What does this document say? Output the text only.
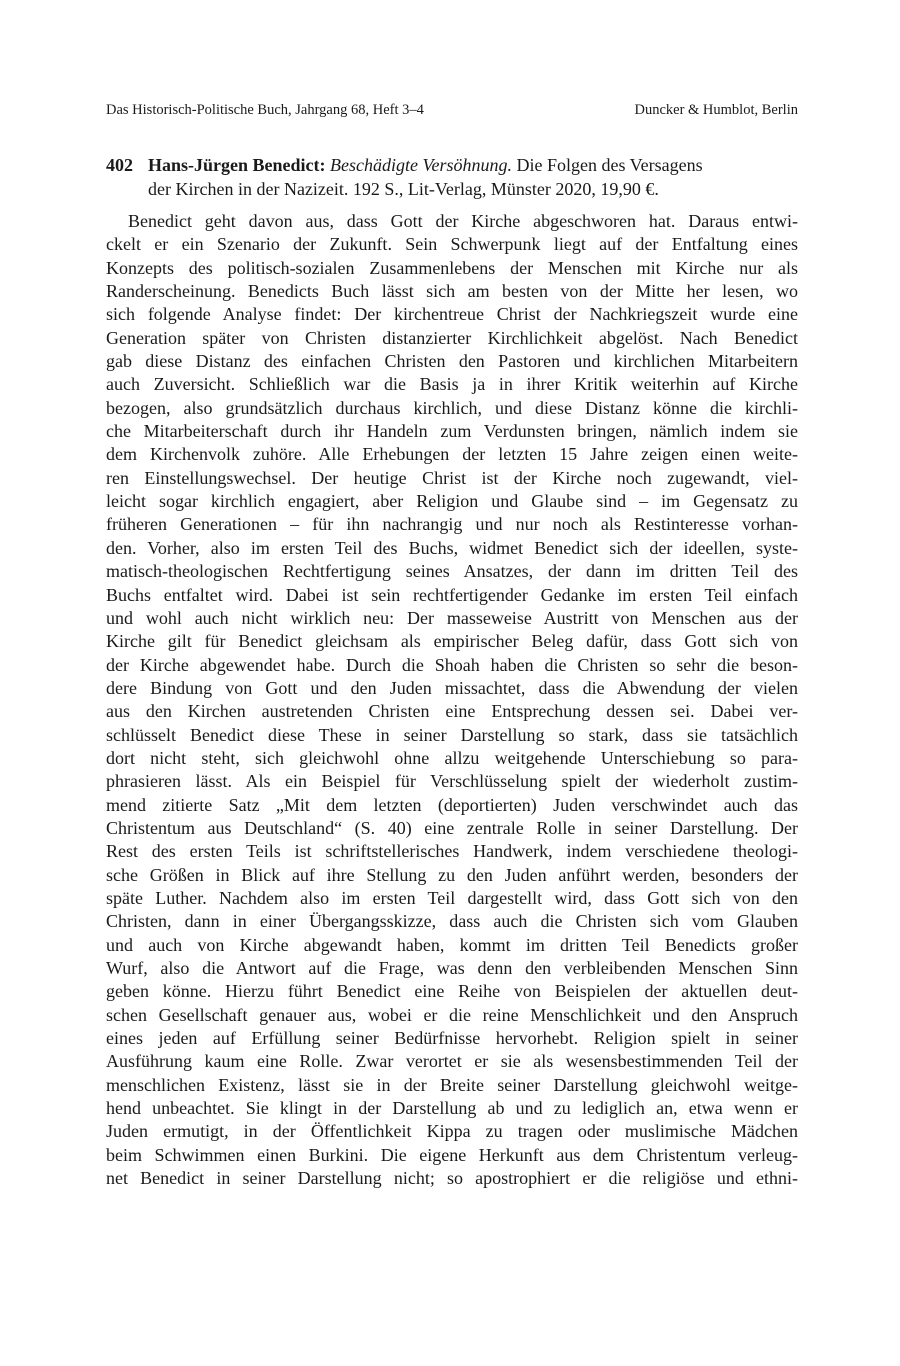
Das Historisch-Politische Buch, Jahrgang 68, Heft 3–4	Duncker & Humblot, Berlin
402 Hans-Jürgen Benedict: Beschädigte Versöhnung. Die Folgen des Versagens
der Kirchen in der Nazizeit. 192 S., Lit-Verlag, Münster 2020, 19,90 €.
Benedict geht davon aus, dass Gott der Kirche abgeschworen hat. Daraus entwi-
ckelt er ein Szenario der Zukunft. Sein Schwerpunk liegt auf der Entfaltung eines
Konzepts des politisch-sozialen Zusammenlebens der Menschen mit Kirche nur als
Randerscheinung. Benedicts Buch lässt sich am besten von der Mitte her lesen, wo
sich folgende Analyse findet: Der kirchentreue Christ der Nachkriegszeit wurde eine
Generation später von Christen distanzierter Kirchlichkeit abgelöst. Nach Benedict
gab diese Distanz des einfachen Christen den Pastoren und kirchlichen Mitarbeitern
auch Zuversicht. Schließlich war die Basis ja in ihrer Kritik weiterhin auf Kirche
bezogen, also grundsätzlich durchaus kirchlich, und diese Distanz könne die kirchli-
che Mitarbeiterschaft durch ihr Handeln zum Verdunsten bringen, nämlich indem sie
dem Kirchenvolk zuhöre. Alle Erhebungen der letzten 15 Jahre zeigen einen weite-
ren Einstellungswechsel. Der heutige Christ ist der Kirche noch zugewandt, viel-
leicht sogar kirchlich engagiert, aber Religion und Glaube sind – im Gegensatz zu
früheren Generationen – für ihn nachrangig und nur noch als Restinteresse vorhan-
den. Vorher, also im ersten Teil des Buchs, widmet Benedict sich der ideellen, syste-
matisch-theologischen Rechtfertigung seines Ansatzes, der dann im dritten Teil des
Buchs entfaltet wird. Dabei ist sein rechtfertigender Gedanke im ersten Teil einfach
und wohl auch nicht wirklich neu: Der masseweise Austritt von Menschen aus der
Kirche gilt für Benedict gleichsam als empirischer Beleg dafür, dass Gott sich von
der Kirche abgewendet habe. Durch die Shoah haben die Christen so sehr die beson-
dere Bindung von Gott und den Juden missachtet, dass die Abwendung der vielen
aus den Kirchen austretenden Christen eine Entsprechung dessen sei. Dabei ver-
schlüsselt Benedict diese These in seiner Darstellung so stark, dass sie tatsächlich
dort nicht steht, sich gleichwohl ohne allzu weitgehende Unterschiebung so para-
phrasieren lässt. Als ein Beispiel für Verschlüsselung spielt der wiederholt zustim-
mend zitierte Satz „Mit dem letzten (deportierten) Juden verschwindet auch das
Christentum aus Deutschland“ (S. 40) eine zentrale Rolle in seiner Darstellung. Der
Rest des ersten Teils ist schriftstellerisches Handwerk, indem verschiedene theologi-
sche Größen in Blick auf ihre Stellung zu den Juden anführt werden, besonders der
späte Luther. Nachdem also im ersten Teil dargestellt wird, dass Gott sich von den
Christen, dann in einer Übergangsskizze, dass auch die Christen sich vom Glauben
und auch von Kirche abgewandt haben, kommt im dritten Teil Benedicts großer
Wurf, also die Antwort auf die Frage, was denn den verbleibenden Menschen Sinn
geben könne. Hierzu führt Benedict eine Reihe von Beispielen der aktuellen deut-
schen Gesellschaft genauer aus, wobei er die reine Menschlichkeit und den Anspruch
eines jeden auf Erfüllung seiner Bedürfnisse hervorhebt. Religion spielt in seiner
Ausführung kaum eine Rolle. Zwar verortet er sie als wesensbestimmenden Teil der
menschlichen Existenz, lässt sie in der Breite seiner Darstellung gleichwohl weitge-
hend unbeachtet. Sie klingt in der Darstellung ab und zu lediglich an, etwa wenn er
Juden ermutigt, in der Öffentlichkeit Kippa zu tragen oder muslimische Mädchen
beim Schwimmen einen Burkini. Die eigene Herkunft aus dem Christentum verleug-
net Benedict in seiner Darstellung nicht; so apostrophiert er die religiöse und ethni-
